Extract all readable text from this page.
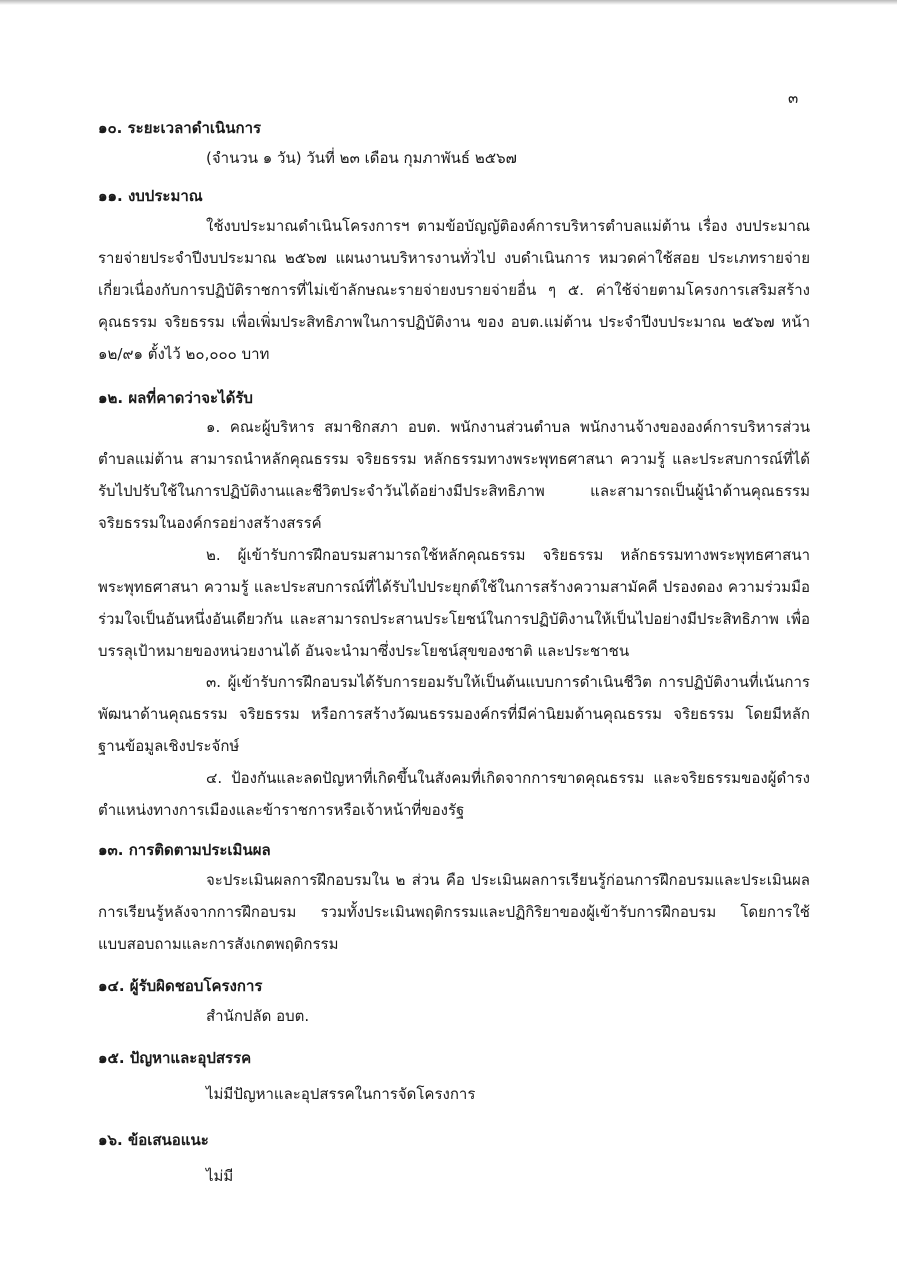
๓
๑๐. ระยะเวลาดำเนินการ
(จำนวน ๑ วัน) วันที่ ๒๓ เดือน กุมภาพันธ์ ๒๕๖๗
๑๑. งบประมาณ

ใช้งบประมาณดำเนินโครงการฯ ตามข้อบัญญัติองค์การบริหารตำบลแม่ต้าน เรื่อง งบประมาณรายจ่ายประจำปีงบประมาณ ๒๕๖๗ แผนงานบริหารงานทั่วไป งบดำเนินการ หมวดค่าใช้สอย ประเภทรายจ่ายเกี่ยวเนื่องกับการปฏิบัติราชการที่ไม่เข้าลักษณะรายจ่ายงบรายจ่ายอื่น ๆ ๕. ค่าใช้จ่ายตามโครงการเสริมสร้างคุณธรรม จริยธรรม เพื่อเพิ่มประสิทธิภาพในการปฏิบัติงาน ของ อบต.แม่ต้าน ประจำปีงบประมาณ ๒๕๖๗ หน้า ๑๒/๙๑ ตั้งไว้ ๒๐,๐๐๐ บาท

๑๒. ผลที่คาดว่าจะได้รับ

๑. คณะผู้บริหาร สมาชิกสภา อบต. พนักงานส่วนตำบล พนักงานจ้างขององค์การบริหารส่วนตำบลแม่ต้าน สามารถนำหลักคุณธรรม จริยธรรม หลักธรรมทางพระพุทธศาสนา ความรู้ และประสบการณ์ที่ได้รับไปปรับใช้ในการปฏิบัติงานและชีวิตประจำวันได้อย่างมีประสิทธิภาพ และสามารถเป็นผู้นำด้านคุณธรรม จริยธรรมในองค์กรอย่างสร้างสรรค์

๒. ผู้เข้ารับการฝึกอบรมสามารถใช้หลักคุณธรรม จริยธรรม หลักธรรมทางพระพุทธศาสนา พระพุทธศาสนา ความรู้ และประสบการณ์ที่ได้รับไปประยุกต์ใช้ในการสร้างความสามัคคี ปรองดอง ความร่วมมือ ร่วมใจเป็นอันหนึ่งอันเดียวกัน และสามารถประสานประโยชน์ในการปฏิบัติงานให้เป็นไปอย่างมีประสิทธิภาพ เพื่อบรรลุเป้าหมายของหน่วยงานได้ อันจะนำมาซึ่งประโยชน์สุขของชาติ และประชาชน

๓. ผู้เข้ารับการฝึกอบรมได้รับการยอมรับให้เป็นต้นแบบการดำเนินชีวิต การปฏิบัติงานที่เน้นการพัฒนาด้านคุณธรรม จริยธรรม หรือการสร้างวัฒนธรรมองค์กรที่มีค่านิยมด้านคุณธรรม จริยธรรม โดยมีหลักฐานข้อมูลเชิงประจักษ์

๔. ป้องกันและลดปัญหาที่เกิดขึ้นในสังคมที่เกิดจากการขาดคุณธรรม และจริยธรรมของผู้ดำรงตำแหน่งทางการเมืองและข้าราชการหรือเจ้าหน้าที่ของรัฐ

๑๓. การติดตามประเมินผล

จะประเมินผลการฝึกอบรมใน ๒ ส่วน คือ ประเมินผลการเรียนรู้ก่อนการฝึกอบรมและประเมินผลการเรียนรู้หลังจากการฝึกอบรม รวมทั้งประเมินพฤติกรรมและปฏิกิริยาของผู้เข้ารับการฝึกอบรม โดยการใช้แบบสอบถามและการสังเกตพฤติกรรม

๑๔. ผู้รับผิดชอบโครงการ
สำนักปลัด อบต.
๑๕. ปัญหาและอุปสรรค
ไม่มีปัญหาและอุปสรรคในการจัดโครงการ
๑๖. ข้อเสนอแนะ
ไม่มี
